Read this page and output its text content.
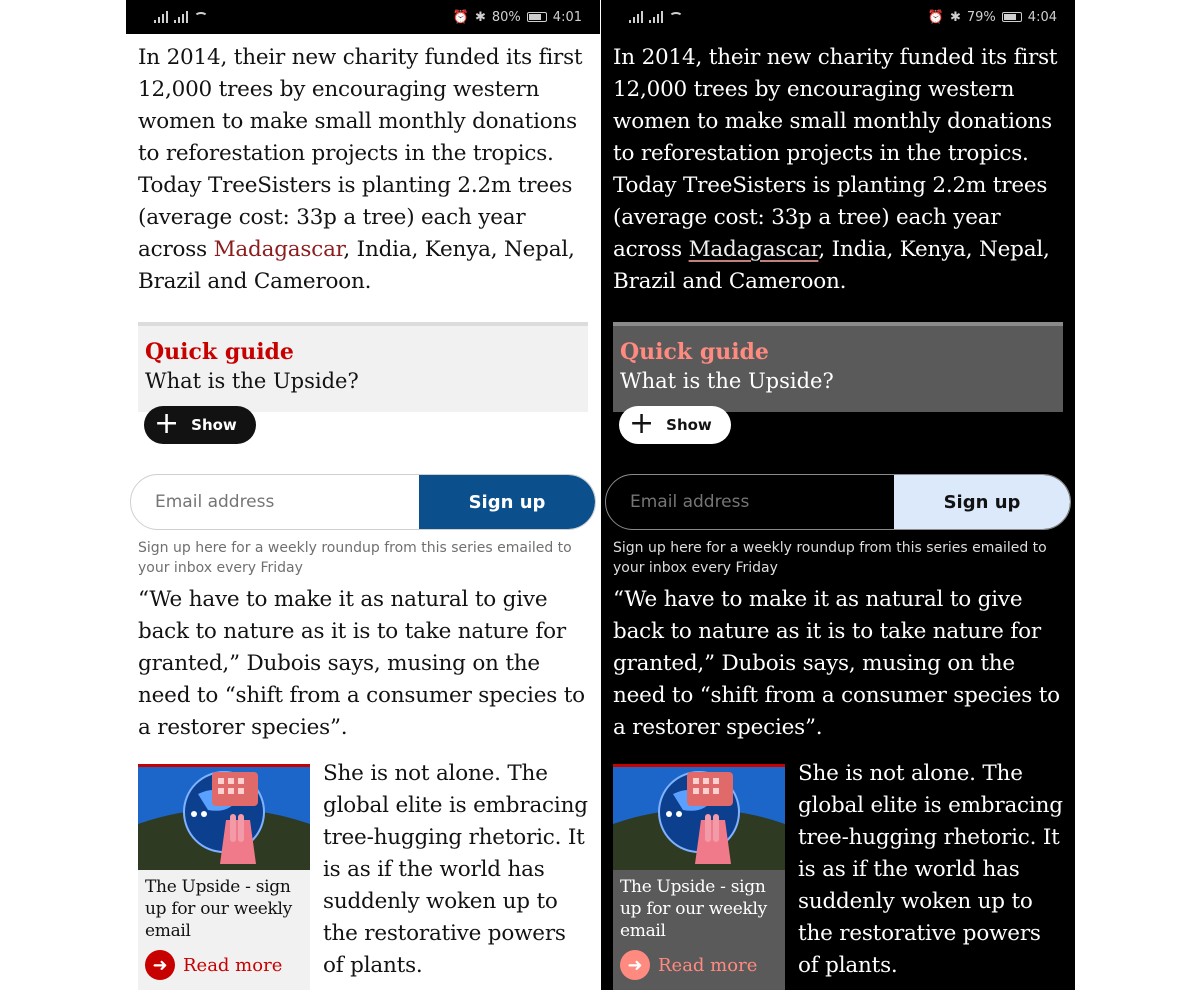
⏰ ✱ 80% 4:01

In 2014, their new charity funded its first 12,000 trees by encouraging western women to make small monthly donations to reforestation projects in the tropics. Today TreeSisters is planting 2.2m trees (average cost: 33p a tree) each year across Madagascar, India, Kenya, Nepal, Brazil and Cameroon.

Quick guide
What is the Upside?
+ Show
Email address
Sign up
Sign up here for a weekly roundup from this series emailed to your inbox every Friday

“We have to make it as natural to give back to nature as it is to take nature for granted,” Dubois says, musing on the need to “shift from a consumer species to a restorer species”.

The Upside - sign up for our weekly email
➜ Read more
She is not alone. The global elite is embracing tree-hugging rhetoric. It is as if the world has suddenly woken up to the restorative powers of plants.
⏰ ✱ 79% 4:04

In 2014, their new charity funded its first 12,000 trees by encouraging western women to make small monthly donations to reforestation projects in the tropics. Today TreeSisters is planting 2.2m trees (average cost: 33p a tree) each year across Madagascar, India, Kenya, Nepal, Brazil and Cameroon.

Quick guide
What is the Upside?
+ Show
Email address
Sign up
Sign up here for a weekly roundup from this series emailed to your inbox every Friday

“We have to make it as natural to give back to nature as it is to take nature for granted,” Dubois says, musing on the need to “shift from a consumer species to a restorer species”.

The Upside - sign up for our weekly email
➜ Read more
She is not alone. The global elite is embracing tree-hugging rhetoric. It is as if the world has suddenly woken up to the restorative powers of plants.
